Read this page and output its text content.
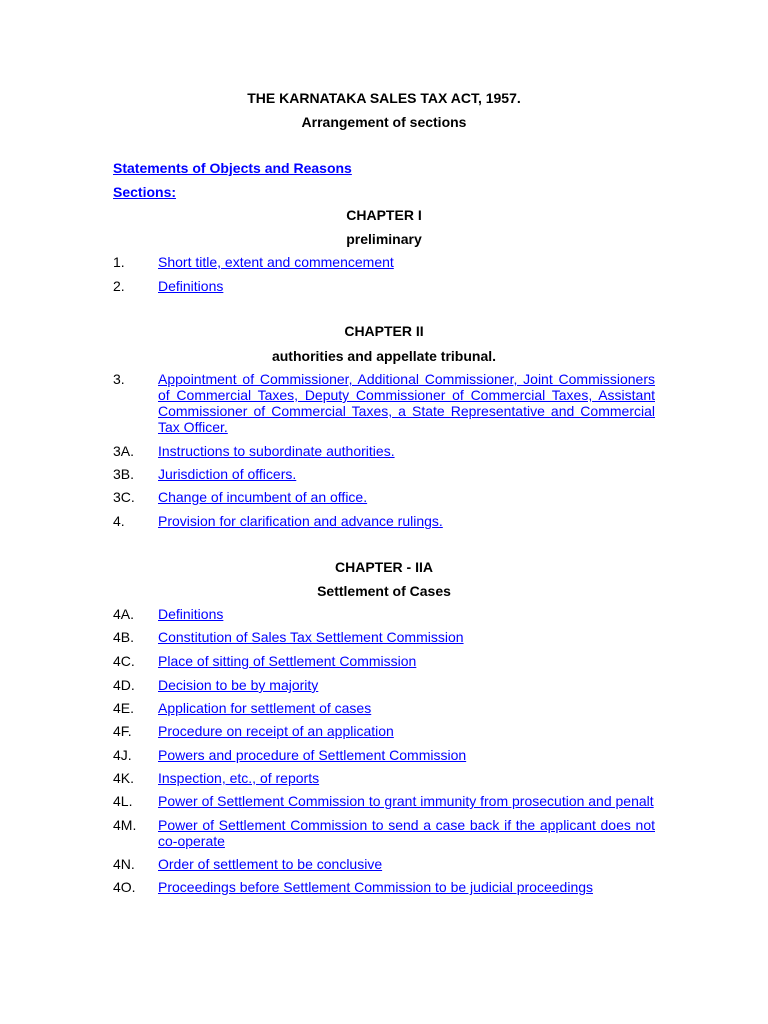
THE KARNATAKA SALES TAX ACT, 1957.
Arrangement of sections
Statements of Objects and Reasons
Sections:
CHAPTER I
preliminary
1.	Short title, extent and commencement
2.	Definitions
CHAPTER II
authorities and appellate tribunal.
3.	Appointment of Commissioner, Additional Commissioner, Joint Commissioners of Commercial Taxes, Deputy Commissioner of Commercial Taxes, Assistant Commissioner of Commercial Taxes, a State Representative and Commercial Tax Officer.
3A.	Instructions to subordinate authorities.
3B.	Jurisdiction of officers.
3C.	Change of incumbent of an office.
4.	Provision for clarification and advance rulings.
CHAPTER - IIA
Settlement of Cases
4A.	Definitions
4B.	Constitution of Sales Tax Settlement Commission
4C.	Place of sitting of Settlement Commission
4D.	Decision to be by majority
4E.	Application for settlement of cases
4F.	Procedure on receipt of an application
4J.	Powers and procedure of Settlement Commission
4K.	Inspection, etc., of reports
4L.	Power of Settlement Commission to grant immunity from prosecution and penalt
4M.	Power of Settlement Commission to send a case back if the applicant does not co-operate
4N.	Order of settlement to be conclusive
4O.	Proceedings before Settlement Commission to be judicial proceedings
